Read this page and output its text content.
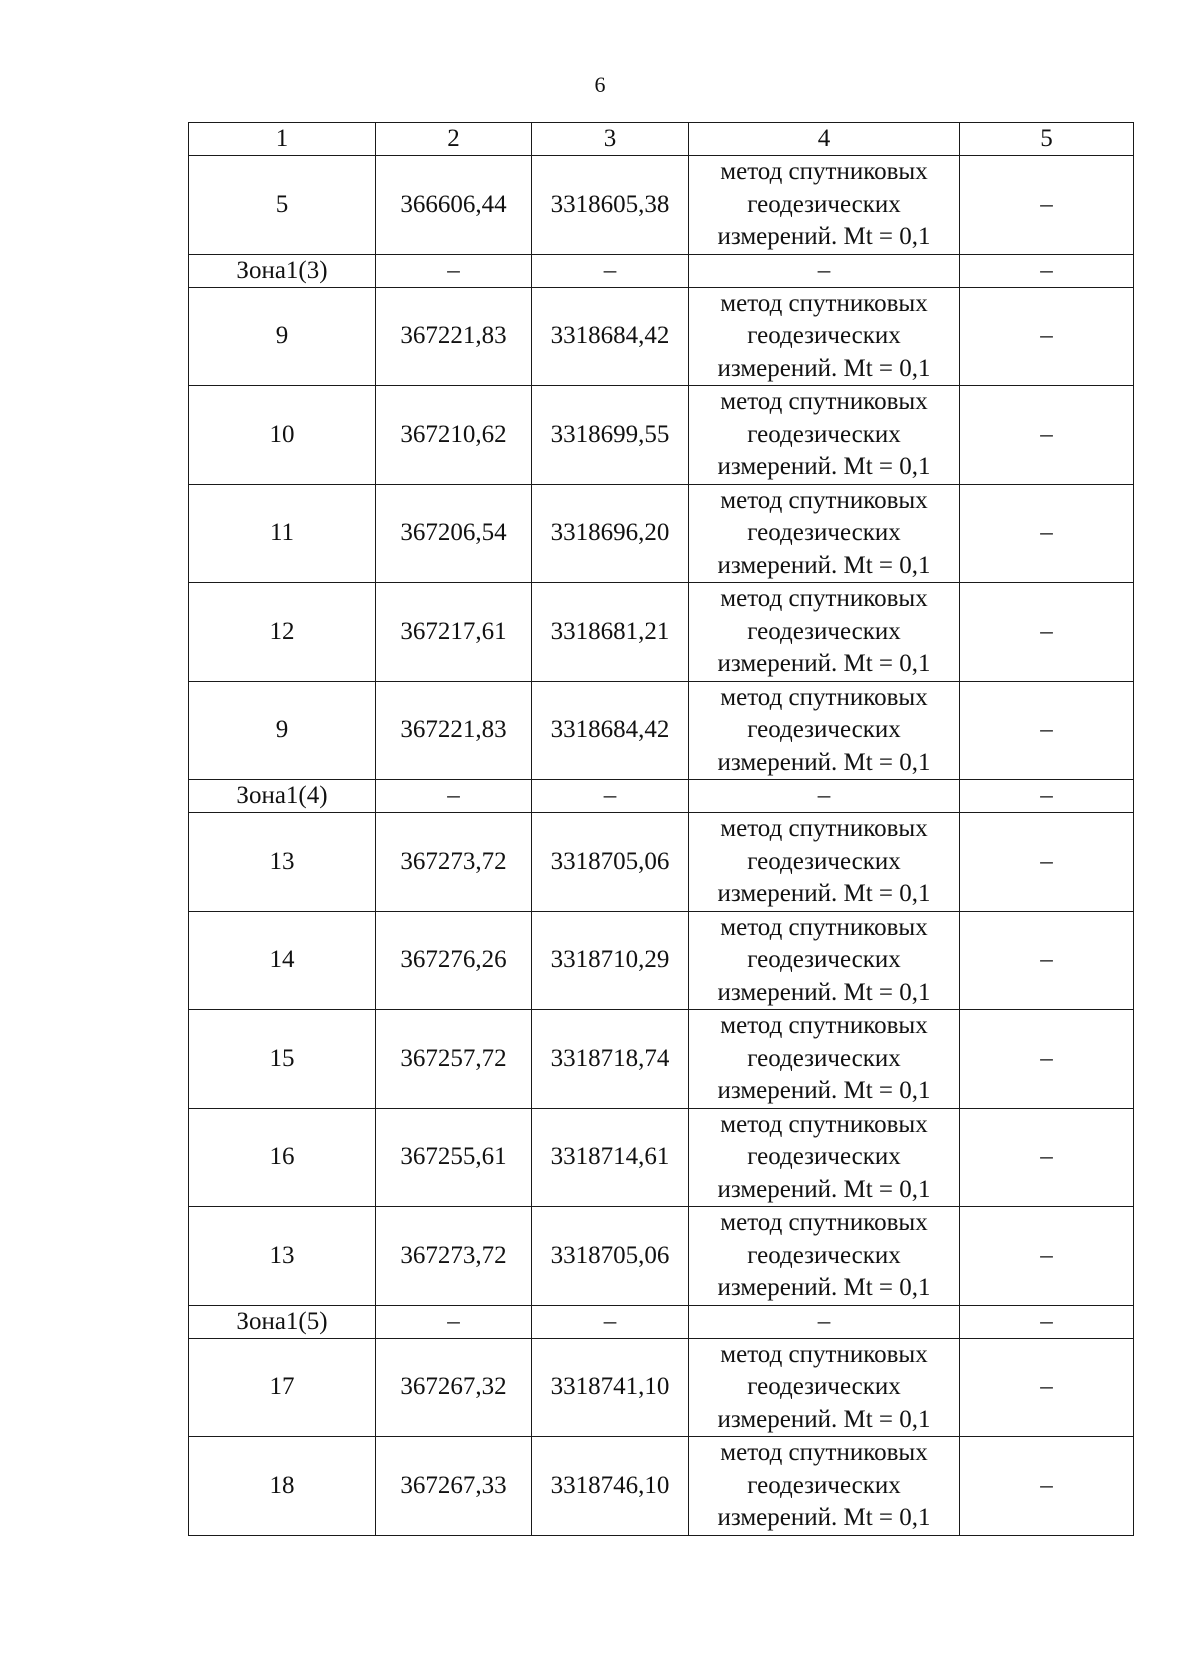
6
1	2	3	4	5
5	366606,44	3318605,38	метод спутниковых
геодезических
измерений. Mt = 0,1	–
Зона1(3)	–	–	–	–
9	367221,83	3318684,42	метод спутниковых
геодезических
измерений. Mt = 0,1	–
10	367210,62	3318699,55	метод спутниковых
геодезических
измерений. Mt = 0,1	–
11	367206,54	3318696,20	метод спутниковых
геодезических
измерений. Mt = 0,1	–
12	367217,61	3318681,21	метод спутниковых
геодезических
измерений. Mt = 0,1	–
9	367221,83	3318684,42	метод спутниковых
геодезических
измерений. Mt = 0,1	–
Зона1(4)	–	–	–	–
13	367273,72	3318705,06	метод спутниковых
геодезических
измерений. Mt = 0,1	–
14	367276,26	3318710,29	метод спутниковых
геодезических
измерений. Mt = 0,1	–
15	367257,72	3318718,74	метод спутниковых
геодезических
измерений. Mt = 0,1	–
16	367255,61	3318714,61	метод спутниковых
геодезических
измерений. Mt = 0,1	–
13	367273,72	3318705,06	метод спутниковых
геодезических
измерений. Mt = 0,1	–
Зона1(5)	–	–	–	–
17	367267,32	3318741,10	метод спутниковых
геодезических
измерений. Mt = 0,1	–
18	367267,33	3318746,10	метод спутниковых
геодезических
измерений. Mt = 0,1	–
